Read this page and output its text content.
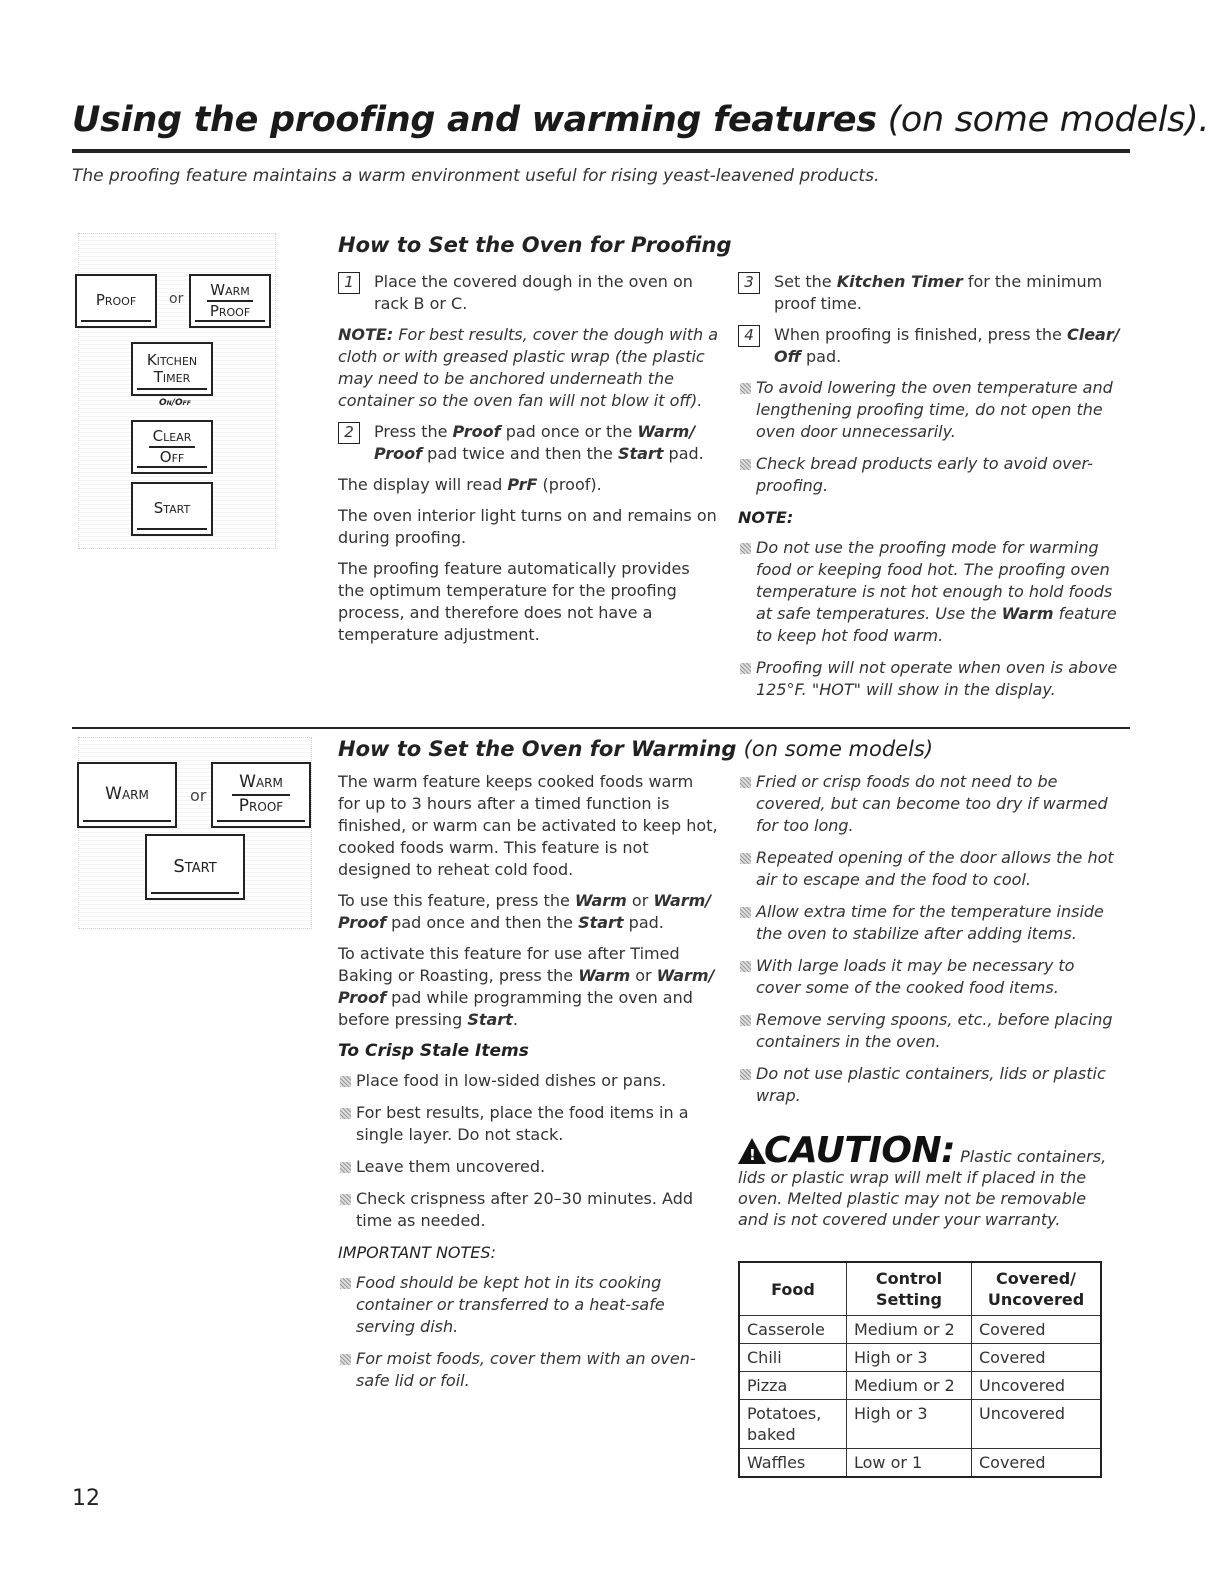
Using the proofing and warming features (on some models).
The proofing feature maintains a warm environment useful for rising yeast-leavened products.
Proof or
Warm
Proof
Kitchen
Timer
On/Off
Clear
Off
Start
How to Set the Oven for Proofing
1	Place the covered dough in the oven on rack B or C.

NOTE: For best results, cover the dough with a cloth or with greased plastic wrap (the plastic may need to be anchored underneath the container so the oven fan will not blow it off).

2	Press the Proof pad once or the Warm/ Proof pad twice and then the Start pad.

The display will read PrF (proof).

The oven interior light turns on and remains on during proofing.

The proofing feature automatically provides the optimum temperature for the proofing process, and therefore does not have a temperature adjustment.

3	Set the Kitchen Timer for the minimum proof time.
4	When proofing is finished, press the Clear/ Off pad.
To avoid lowering the oven temperature and lengthening proofing time, do not open the oven door unnecessarily.
Check bread products early to avoid over-proofing.
NOTE:
Do not use the proofing mode for warming food or keeping food hot. The proofing oven temperature is not hot enough to hold foods at safe temperatures. Use the Warm feature to keep hot food warm.
Proofing will not operate when oven is above 125°F. "HOT" will show in the display.
Warm	or
Warm
Proof
Start
How to Set the Oven for Warming (on some models)

The warm feature keeps cooked foods warm for up to 3 hours after a timed function is finished, or warm can be activated to keep hot, cooked foods warm. This feature is not designed to reheat cold food.

To use this feature, press the Warm or Warm/ Proof pad once and then the Start pad.

To activate this feature for use after Timed Baking or Roasting, press the Warm or Warm/ Proof pad while programming the oven and before pressing Start.

To Crisp Stale Items
Place food in low-sided dishes or pans.
For best results, place the food items in a single layer. Do not stack.
Leave them uncovered.
Check crispness after 20–30 minutes. Add time as needed.
IMPORTANT NOTES:
Food should be kept hot in its cooking container or transferred to a heat-safe serving dish.
For moist foods, cover them with an oven-safe lid or foil.
Fried or crisp foods do not need to be covered, but can become too dry if warmed for too long.
Repeated opening of the door allows the hot air to escape and the food to cool.
Allow extra time for the temperature inside the oven to stabilize after adding items.
With large loads it may be necessary to cover some of the cooked food items.
Remove serving spoons, etc., before placing containers in the oven.
Do not use plastic containers, lids or plastic wrap.
! CAUTION: Plastic containers, lids or plastic wrap will melt if placed in the oven. Melted plastic may not be removable and is not covered under your warranty.
Food	Control Setting	Covered/ Uncovered
Casserole	Medium or 2	Covered
Chili	High or 3	Covered
Pizza	Medium or 2	Uncovered
Potatoes, baked	High or 3	Uncovered
Waffles	Low or 1	Covered
12
